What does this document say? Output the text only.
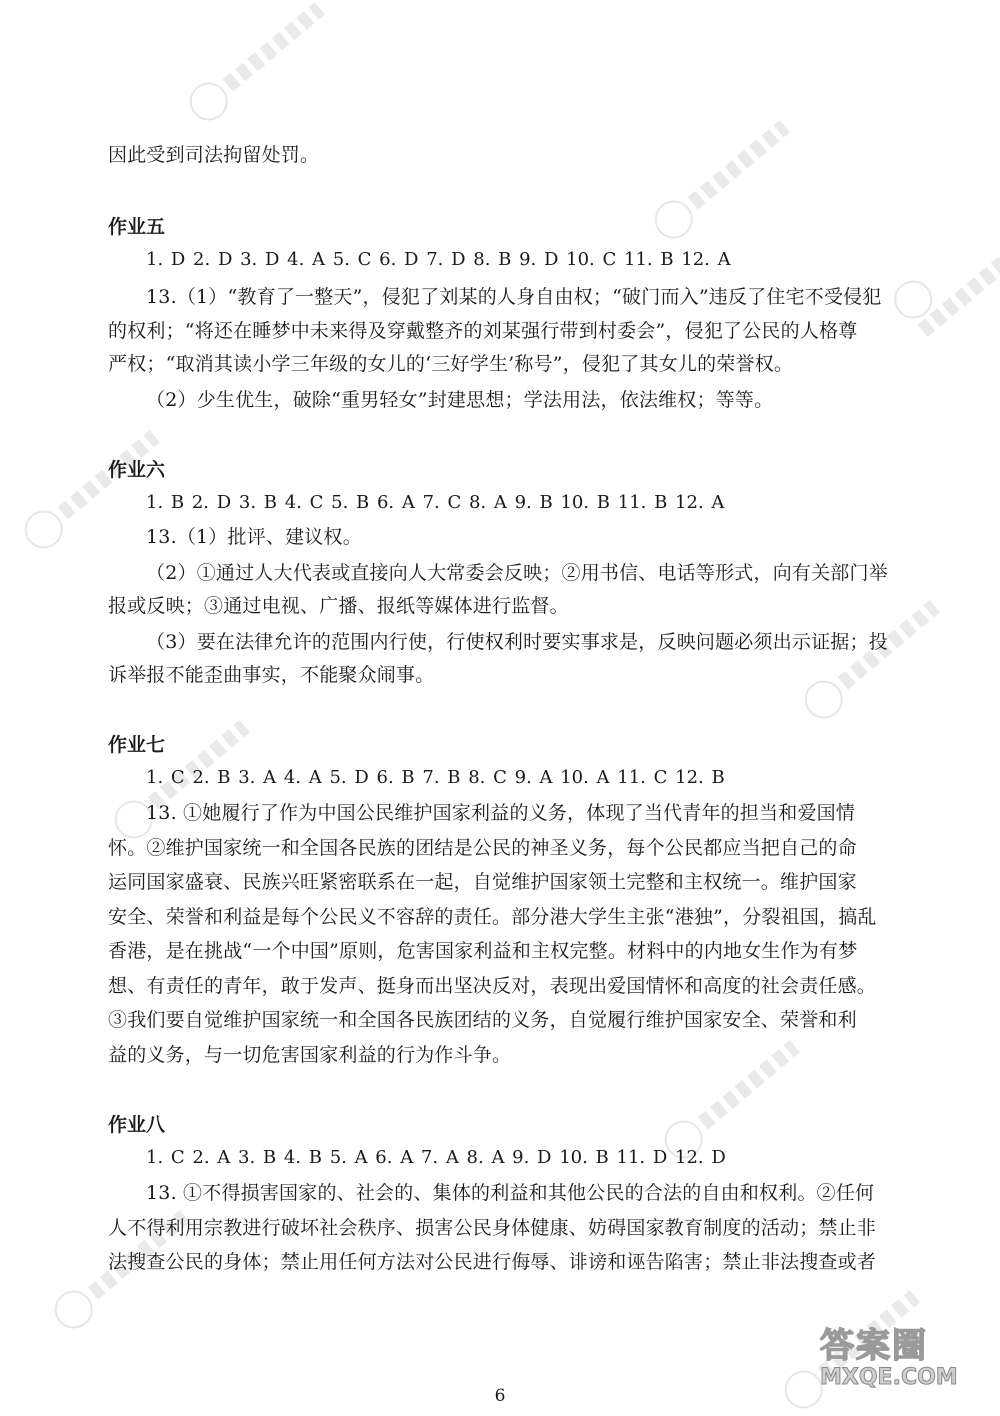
因此受到司法拘留处罚。
作业五
1. D 2. D 3. D 4. A 5. C 6. D 7. D 8. B 9. D 10. C 11. B 12. A
13.（1）“教育了一整天”，侵犯了刘某的人身自由权；“破门而入”违反了住宅不受侵犯
的权利；“将还在睡梦中未来得及穿戴整齐的刘某强行带到村委会”，侵犯了公民的人格尊
严权；“取消其读小学三年级的女儿的‘三好学生’称号”，侵犯了其女儿的荣誉权。
（2）少生优生，破除“重男轻女”封建思想；学法用法，依法维权；等等。
作业六
1. B 2. D 3. B 4. C 5. B 6. A 7. C 8. A 9. B 10. B 11. B 12. A
13.（1）批评、建议权。
（2）①通过人大代表或直接向人大常委会反映；②用书信、电话等形式，向有关部门举
报或反映；③通过电视、广播、报纸等媒体进行监督。
（3）要在法律允许的范围内行使，行使权利时要实事求是，反映问题必须出示证据；投
诉举报不能歪曲事实，不能聚众闹事。
作业七
1. C 2. B 3. A 4. A 5. D 6. B 7. B 8. C 9. A 10. A 11. C 12. B
13. ①她履行了作为中国公民维护国家利益的义务，体现了当代青年的担当和爱国情
怀。②维护国家统一和全国各民族的团结是公民的神圣义务，每个公民都应当把自己的命
运同国家盛衰、民族兴旺紧密联系在一起，自觉维护国家领土完整和主权统一。维护国家
安全、荣誉和利益是每个公民义不容辞的责任。部分港大学生主张“港独”，分裂祖国，搞乱
香港，是在挑战“一个中国”原则，危害国家利益和主权完整。材料中的内地女生作为有梦
想、有责任的青年，敢于发声、挺身而出坚决反对，表现出爱国情怀和高度的社会责任感。
③我们要自觉维护国家统一和全国各民族团结的义务，自觉履行维护国家安全、荣誉和利
益的义务，与一切危害国家利益的行为作斗争。
作业八
1. C 2. A 3. B 4. B 5. A 6. A 7. A 8. A 9. D 10. B 11. D 12. D
13. ①不得损害国家的、社会的、集体的利益和其他公民的合法的自由和权利。②任何
人不得利用宗教进行破坏社会秩序、损害公民身体健康、妨碍国家教育制度的活动；禁止非
法搜查公民的身体；禁止用任何方法对公民进行侮辱、诽谤和诬告陷害；禁止非法搜查或者
6
答案圈
MXQE.COM
